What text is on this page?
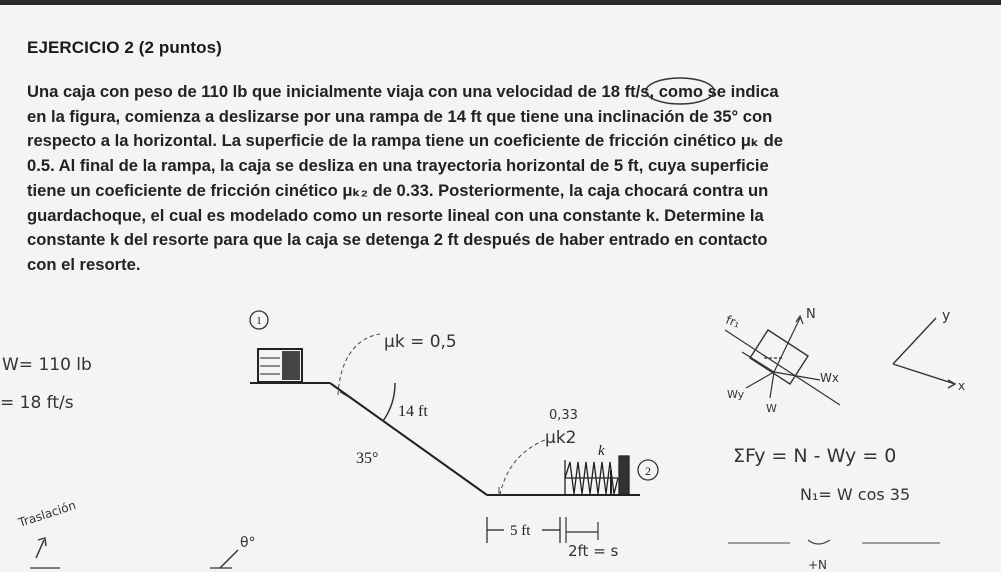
EJERCICIO 2 (2 puntos)
Una caja con peso de 110 lb que inicialmente viaja con una velocidad de 18 ft/s, como se indica
en la figura, comienza a deslizarse por una rampa de 14 ft que tiene una inclinación de 35° con
respecto a la horizontal. La superficie de la rampa tiene un coeficiente de fricción cinético μₖ de
0.5. Al final de la rampa, la caja se desliza en una trayectoria horizontal de 5 ft, cuya superficie
tiene un coeficiente de fricción cinético μₖ₂ de 0.33. Posteriormente, la caja chocará contra un
guardachoque, el cual es modelado como un resorte lineal con una constante k. Determine la
constante k del resorte para que la caja se detenga 2 ft después de haber entrado en contacto
con el resorte.
1
2
14 ft
35°	k
5 ft
2ft = s
μk = 0,5
0,33
μk2
W= 110 lb
= 18 ft/s
Traslación
θ°
fr₁	N
Wx
Wy
W
y
x
ΣFy = N - Wy = 0
N₁= W cos 35
+N
